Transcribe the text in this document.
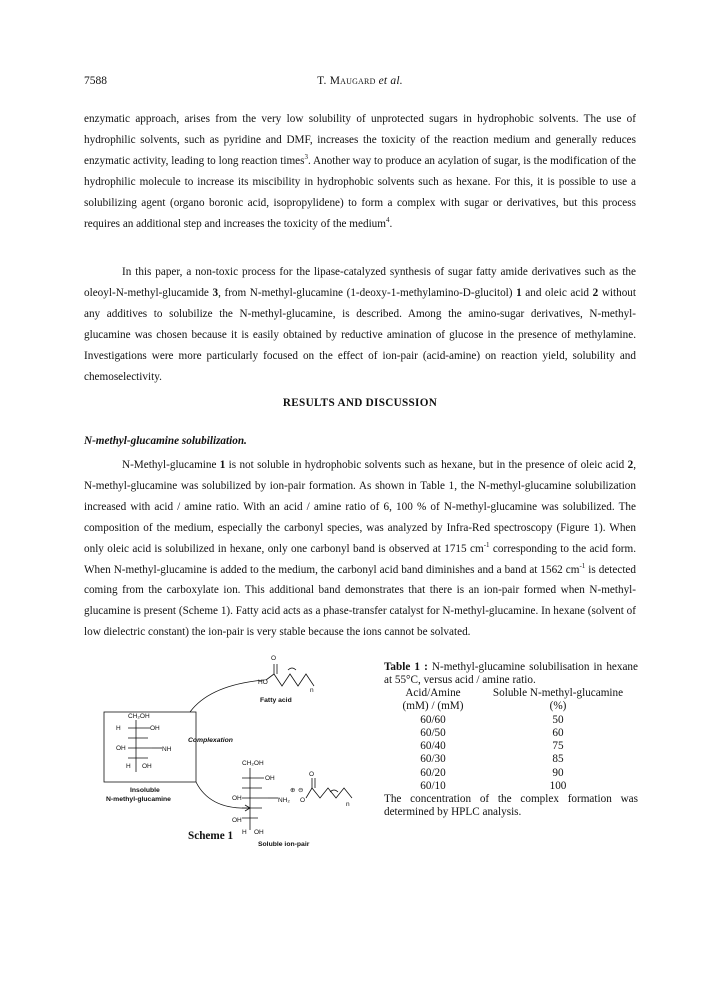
7588	T. Maugard et al.
enzymatic approach, arises from the very low solubility of unprotected sugars in hydrophobic solvents. The use of hydrophilic solvents, such as pyridine and DMF, increases the toxicity of the reaction medium and generally reduces enzymatic activity, leading to long reaction times$^3$. Another way to produce an acylation of sugar, is the modification of the hydrophilic molecule to increase its miscibility in hydrophobic solvents such as hexane. For this, it is possible to use a solubilizing agent (organo boronic acid, isopropylidene) to form a complex with sugar or derivatives, but this process requires an additional step and increases the toxicity of the medium$^4$.
In this paper, a non-toxic process for the lipase-catalyzed synthesis of sugar fatty amide derivatives such as the oleoyl-N-methyl-glucamide 3, from N-methyl-glucamine (1-deoxy-1-methylamino-D-glucitol) 1 and oleic acid 2 without any additives to solubilize the N-methyl-glucamine, is described. Among the amino-sugar derivatives, N-methyl-glucamine was chosen because it is easily obtained by reductive amination of glucose in the presence of methylamine. Investigations were more particularly focused on the effect of ion-pair (acid-amine) on reaction yield, solubility and chemoselectivity.
RESULTS AND DISCUSSION
N-methyl-glucamine solubilization.
N-Methyl-glucamine 1 is not soluble in hydrophobic solvents such as hexane, but in the presence of oleic acid 2, N-methyl-glucamine was solubilized by ion-pair formation. As shown in Table 1, the N-methyl-glucamine solubilization increased with acid / amine ratio. With an acid / amine ratio of 6, 100 % of N-methyl-glucamine was solubilized. The composition of the medium, especially the carbonyl species, was analyzed by Infra-Red spectroscopy (Figure 1). When only oleic acid is solubilized in hexane, only one carbonyl band is observed at 1715 $cm^{-1}$ corresponding to the acid form. When N-methyl-glucamine is added to the medium, the carbonyl acid band diminishes and a band at 1562 $cm^{-1}$ is detected coming from the carboxylate ion. This additional band demonstrates that there is an ion-pair formed when N-methyl-glucamine is present (Scheme 1). Fatty acid acts as a phase-transfer catalyst for N-methyl-glucamine. In hexane (solvent of low dielectric constant) the ion-pair is very stable because the ions cannot be solvated.
HO
O
n
CH₂OH
H	OH
OH	NH
H OH	CH₂OH
OH
OH	NH₂
⊕ ⊖
O
O
n
OH
H OH
Fatty acid
Complexation
Insoluble
N-methyl-glucamine
Soluble ion-pair
Scheme 1

Table 1 : N-methyl-glucamine solubilisation in hexane at 55°C, versus acid / amine ratio.

Acid/Amine	Soluble N-methyl-glucamine
(mM) / (mM)	(%)
60/60	50
60/50	60
60/40	75
60/30	85
60/20	90
60/10	100

The concentration of the complex formation was determined by HPLC analysis.
